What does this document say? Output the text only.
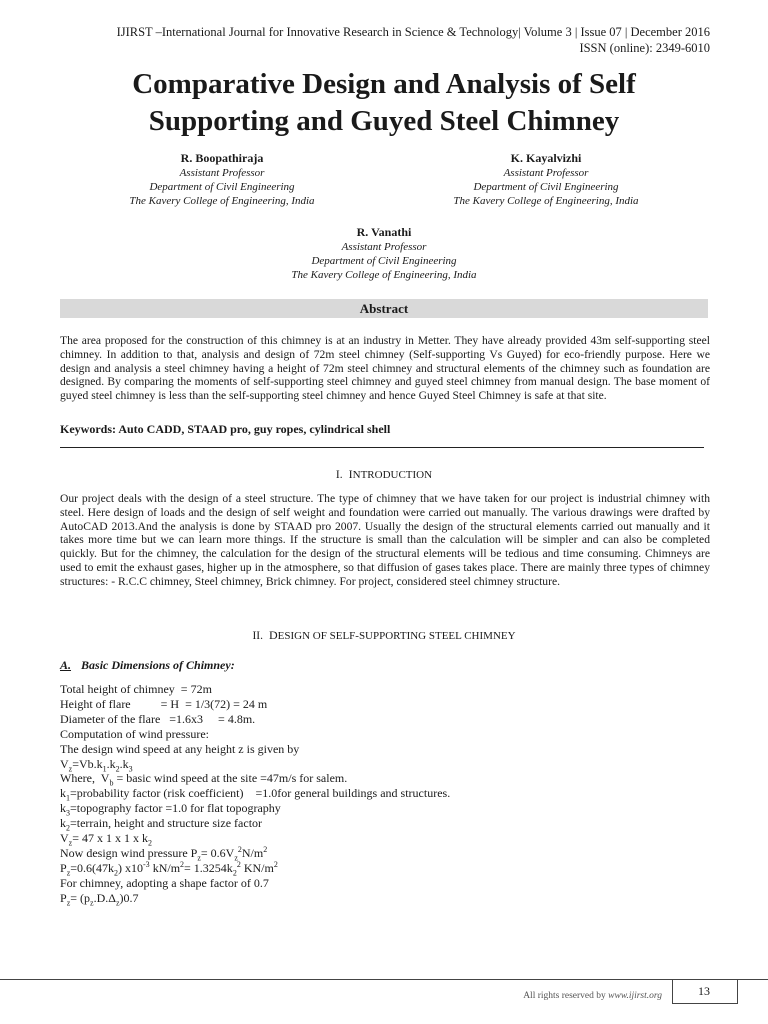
IJIRST –International Journal for Innovative Research in Science & Technology| Volume 3 | Issue 07 | December 2016
ISSN (online): 2349-6010
Comparative Design and Analysis of Self
Supporting and Guyed Steel Chimney
R. Boopathiraja
Assistant Professor
Department of Civil Engineering
The Kavery College of Engineering, India
K. Kayalvizhi
Assistant Professor
Department of Civil Engineering
The Kavery College of Engineering, India
R. Vanathi
Assistant Professor
Department of Civil Engineering
The Kavery College of Engineering, India
Abstract
The area proposed for the construction of this chimney is at an industry in Metter. They have already provided 43m self-supporting steel chimney. In addition to that, analysis and design of 72m steel chimney (Self-supporting Vs Guyed) for eco-friendly purpose. Here we design and analysis a steel chimney having a height of 72m steel chimney and structural elements of the chimney such as foundation are designed. By comparing the moments of self-supporting steel chimney and guyed steel chimney from manual design. The base moment of guyed steel chimney is less than the self-supporting steel chimney and hence Guyed Steel Chimney is safe at that site.
Keywords: Auto CADD, STAAD pro, guy ropes, cylindrical shell
I. INTRODUCTION
Our project deals with the design of a steel structure. The type of chimney that we have taken for our project is industrial chimney with steel. Here design of loads and the design of self weight and foundation were carried out manually. The various drawings were drafted by AutoCAD 2013.And the analysis is done by STAAD pro 2007. Usually the design of the structural elements carried out manually and it takes more time but we can learn more things. If the structure is small than the calculation will be simpler and can also be completed quickly. But for the chimney, the calculation for the design of the structural elements will be tedious and time consuming. Chimneys are used to emit the exhaust gases, higher up in the atmosphere, so that diffusion of gases takes place. There are mainly three types of chimney structures: - R.C.C chimney, Steel chimney, Brick chimney. For project, considered steel chimney structure.
II. DESIGN OF SELF-SUPPORTING STEEL CHIMNEY
A. Basic Dimensions of Chimney:
Total height of chimney  = 72m
Height of flare          = H  = 1/3(72) = 24 m
Diameter of the flare   =1.6x3     = 4.8m.
Computation of wind pressure:
The design wind speed at any height z is given by
$V_z=Vb.k_1.k_2.k_3$
Where,  $V_b$ = basic wind speed at the site =47m/s for salem.
$k_1=probability$ factor (risk coefficient)    =1.0for general buildings and structures.
$k_3=topography$ factor =1.0 for flat topography
$k_2=terrain$, height and structure size factor
$V_z= 47$ x 1 x 1 x $k_2$
Now design wind pressure $P_z= 0.6V_z^2N/m^2$
$P_z=0.6(47k_2)$ $x10^{-3}$ $kN/m^2= 1.3254k_2^2$ $KN/m^2$
For chimney, adopting a shape factor of 0.7
$P_z= (p_z.D.\Delta_z)0.7$
All rights reserved by www.ijirst.org	13
